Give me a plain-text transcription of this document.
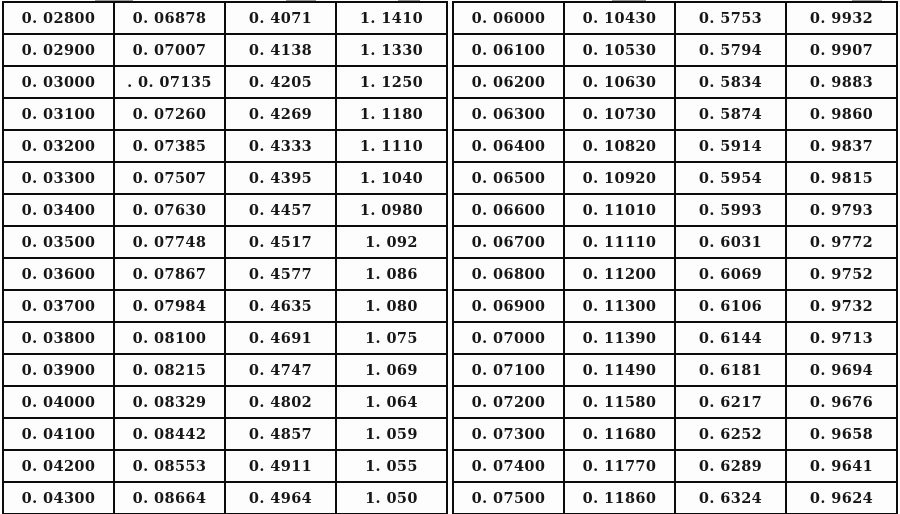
0. 02800	0. 06878	0. 4071	1. 1410
0. 02900	0. 07007	0. 4138	1. 1330
0. 03000	. 0. 07135	0. 4205	1. 1250
0. 03100	0. 07260	0. 4269	1. 1180
0. 03200	0. 07385	0. 4333	1. 1110
0. 03300	0. 07507	0. 4395	1. 1040
0. 03400	0. 07630	0. 4457	1. 0980
0. 03500	0. 07748	0. 4517	1. 092
0. 03600	0. 07867	0. 4577	1. 086
0. 03700	0. 07984	0. 4635	1. 080
0. 03800	0. 08100	0. 4691	1. 075
0. 03900	0. 08215	0. 4747	1. 069
0. 04000	0. 08329	0. 4802	1. 064
0. 04100	0. 08442	0. 4857	1. 059
0. 04200	0. 08553	0. 4911	1. 055
0. 04300	0. 08664	0. 4964	1. 050
0. 06000	0. 10430	0. 5753	0. 9932
0. 06100	0. 10530	0. 5794	0. 9907
0. 06200	0. 10630	0. 5834	0. 9883
0. 06300	0. 10730	0. 5874	0. 9860
0. 06400	0. 10820	0. 5914	0. 9837
0. 06500	0. 10920	0. 5954	0. 9815
0. 06600	0. 11010	0. 5993	0. 9793
0. 06700	0. 11110	0. 6031	0. 9772
0. 06800	0. 11200	0. 6069	0. 9752
0. 06900	0. 11300	0. 6106	0. 9732
0. 07000	0. 11390	0. 6144	0. 9713
0. 07100	0. 11490	0. 6181	0. 9694
0. 07200	0. 11580	0. 6217	0. 9676
0. 07300	0. 11680	0. 6252	0. 9658
0. 07400	0. 11770	0. 6289	0. 9641
0. 07500	0. 11860	0. 6324	0. 9624
